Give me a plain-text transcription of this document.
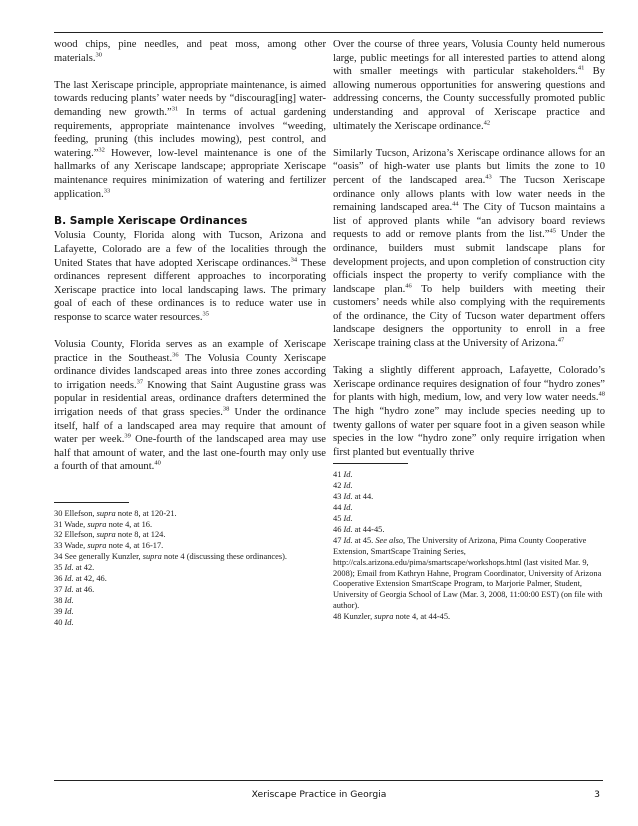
wood chips, pine needles, and peat moss, among other materials.$^{30}$

The last Xeriscape principle, appropriate maintenance, is aimed towards reducing plants’ water needs by “discourag[ing] water-demanding new growth.”$^{31}$ In terms of actual gardening requirements, appropriate maintenance involves “weeding, feeding, pruning (this includes mowing), pest control, and watering.”$^{32}$ However, low-level maintenance is one of the hallmarks of any Xeriscape landscape; appropriate Xeriscape maintenance requires minimization of watering and fertilizer application.$^{33}$

B. Sample Xeriscape Ordinances

Volusia County, Florida along with Tucson, Arizona and Lafayette, Colorado are a few of the localities through the United States that have adopted Xeriscape ordinances.$^{34}$ These ordinances represent different approaches to incorporating Xeriscape practice into local landscaping laws. The primary goal of each of these ordinances is to reduce water use in response to scarce water resources.$^{35}$

Volusia County, Florida serves as an example of Xeriscape practice in the Southeast.$^{36}$ The Volusia County Xeriscape ordinance divides landscaped areas into three zones according to irrigation needs.$^{37}$ Knowing that Saint Augustine grass was popular in residential areas, ordinance drafters determined the irrigation needs of that grass species.$^{38}$ Under the ordinance itself, half of a landscaped area may require that amount of water per week.$^{39}$ One-fourth of the landscaped area may use half that amount of water, and the last one-fourth may only use a fourth of that amount.$^{40}$

30 Ellefson, supra note 8, at 120-21.
31 Wade, supra note 4, at 16.
32 Ellefson, supra note 8, at 124.
33 Wade, supra note 4, at 16-17.
34 See generally Kunzler, supra note 4 (discussing these ordinances).
35 Id. at 42.
36 Id. at 42, 46.
37 Id. at 46.
38 Id.
39 Id.
40 Id.

Over the course of three years, Volusia County held numerous large, public meetings for all interested parties to attend along with smaller meetings with particular stakeholders.$^{41}$ By allowing numerous opportunities for answering questions and addressing concerns, the County successfully promoted public understanding and approval of Xeriscape practice and ultimately the Xeriscape ordinance.$^{42}$

Similarly Tucson, Arizona’s Xeriscape ordinance allows for an “oasis” of high-water use plants but limits the zone to 10 percent of the landscaped area.$^{43}$ The Tucson Xeriscape ordinance only allows plants with low water needs in the remaining landscaped area.$^{44}$ The City of Tucson maintains a list of approved plants while “an advisory board reviews requests to add or remove plants from the list.”$^{45}$ Under the ordinance, builders must submit landscape plans for development projects, and upon completion of construction city officials inspect the property to verify compliance with the landscape plan.$^{46}$ To help builders with meeting their customers’ needs while also complying with the requirements of the ordinance, the City of Tucson water department offers landscape designers the opportunity to enroll in a free Xeriscape training class at the University of Arizona.$^{47}$

Taking a slightly different approach, Lafayette, Colorado’s Xeriscape ordinance requires designation of four “hydro zones” for plants with high, medium, low, and very low water needs.$^{48}$ The high “hydro zone” may include species needing up to twenty gallons of water per square foot in a given season while species in the low “hydro zone” only require irrigation when first planted but eventually thrive

41 Id.
42 Id.
43 Id. at 44.
44 Id.
45 Id.
46 Id. at 44-45.
47 Id. at 45. See also, The University of Arizona, Pima County Cooperative Extension, SmartScape Training Series, http://cals.arizona.edu/pima/smartscape/workshops.html (last visited Mar. 9, 2008); Email from Kathryn Hahne, Program Coordinator, University of Arizona Cooperative Extension SmartScape Program, to Marjorie Palmer, Student, University of Georgia School of Law (Mar. 3, 2008, 11:00:00 EST) (on file with author).
48 Kunzler, supra note 4, at 44-45.
Xeriscape Practice in Georgia	3
